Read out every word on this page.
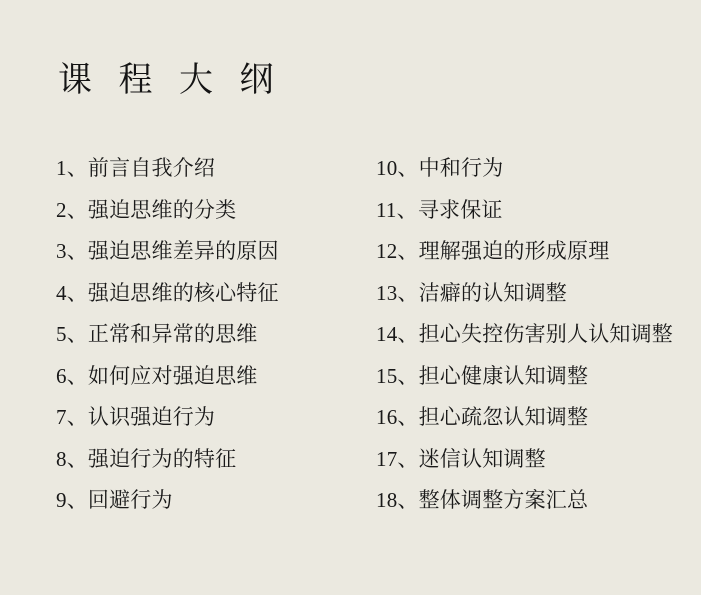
课 程 大 纲
1、前言自我介绍
2、强迫思维的分类
3、强迫思维差异的原因
4、强迫思维的核心特征
5、正常和异常的思维
6、如何应对强迫思维
7、认识强迫行为
8、强迫行为的特征
9、回避行为
10、中和行为
11、寻求保证
12、理解强迫的形成原理
13、洁癖的认知调整
14、担心失控伤害别人认知调整
15、担心健康认知调整
16、担心疏忽认知调整
17、迷信认知调整
18、整体调整方案汇总
